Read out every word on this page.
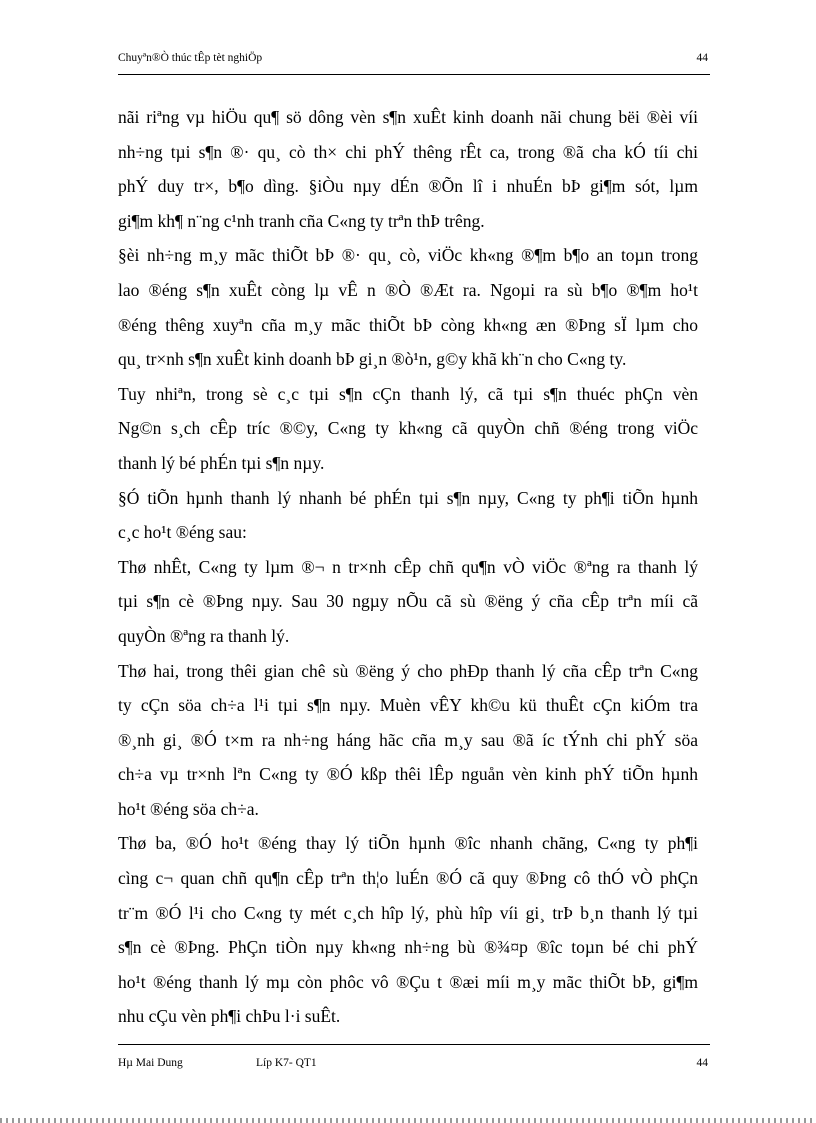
Chuyªn®Ò thúc tÊp tèt nghiÖp	44
nãi riªng vµ hiÖu qu¶ sö dông vèn s¶n xuÊt kinh doanh nãi chung bëi ®èi víi
nh÷ng tµi s¶n ®· qu¸ cò th× chi phÝ thêng rÊt ca, trong ®ã cha kÓ tíi chi
phÝ duy tr×, b¶o dìng. §iÒu nµy dÉn ®Õn lî i nhuÉn bÞ gi¶m sót, lµm
gi¶m kh¶ n¨ng c¹nh tranh cña C«ng ty trªn thÞ trêng.
§èi nh÷ng m¸y mãc thiÕt bÞ ®· qu¸ cò, viÖc kh«ng ®¶m b¶o an toµn trong
lao ®éng s¶n xuÊt còng lµ vÊ n ®Ò ®Æt ra. Ngoµi ra sù b¶o ®¶m ho¹t
®éng thêng xuyªn cña m¸y mãc thiÕt bÞ còng kh«ng æn ®Þng sÏ lµm cho
qu¸ tr×nh s¶n xuÊt kinh doanh bÞ gi¸n ®ò¹n, g©y khã kh¨n cho C«ng ty.
Tuy nhiªn, trong sè c¸c tµi s¶n cÇn thanh lý, cã tµi s¶n thuéc phÇn vèn
Ng©n s¸ch cÊp tríc ®©y, C«ng ty kh«ng cã quyÒn chñ ®éng trong viÖc
thanh lý bé phÉn tµi s¶n nµy.
§Ó tiÕn hµnh thanh lý nhanh bé phÉn tµi s¶n nµy, C«ng ty ph¶i tiÕn hµnh
c¸c ho¹t ®éng sau:
Thø nhÊt, C«ng ty lµm ®¬ n tr×nh cÊp chñ qu¶n vÒ viÖc ®ªng ra thanh lý
tµi s¶n cè ®Þng nµy. Sau 30 ngµy nÕu cã sù ®ëng ý cña cÊp trªn míi cã
quyÒn ®ªng ra thanh lý.
Thø hai, trong thêi gian chê sù ®ëng ý cho phÐp thanh lý cña cÊp trªn C«ng
ty cÇn söa ch÷a l¹i tµi s¶n nµy. Muèn vÊY kh©u kü thuÊt cÇn kiÓm tra
®¸nh gi¸ ®Ó t×m ra nh÷ng háng hãc cña m¸y sau ®ã íc tÝnh chi phÝ söa
ch÷a vµ tr×nh lªn C«ng ty ®Ó kßp thêi lÊp nguån vèn kinh phÝ tiÕn hµnh
ho¹t ®éng söa ch÷a.
Thø ba, ®Ó ho¹t ®éng thay lý tiÕn hµnh ®îc nhanh chãng, C«ng ty ph¶i
cìng c¬ quan chñ qu¶n cÊp trªn th¦o luÉn ®Ó cã quy ®Þng cô thÓ vÒ phÇn
tr¨m ®Ó l¹i cho C«ng ty mét c¸ch hîp lý, phù hîp víi gi¸ trÞ b¸n thanh lý tµi
s¶n cè ®Þng. PhÇn tiÒn nµy kh«ng nh÷ng bù ®¾¤p ®îc toµn bé chi phÝ
ho¹t ®éng thanh lý mµ còn phôc vô ®Çu t ®æi míi m¸y mãc thiÕt bÞ, gi¶m
nhu cÇu vèn ph¶i chÞu l·i suÊt.
Hµ Mai Dung	Líp K7- QT1	44
